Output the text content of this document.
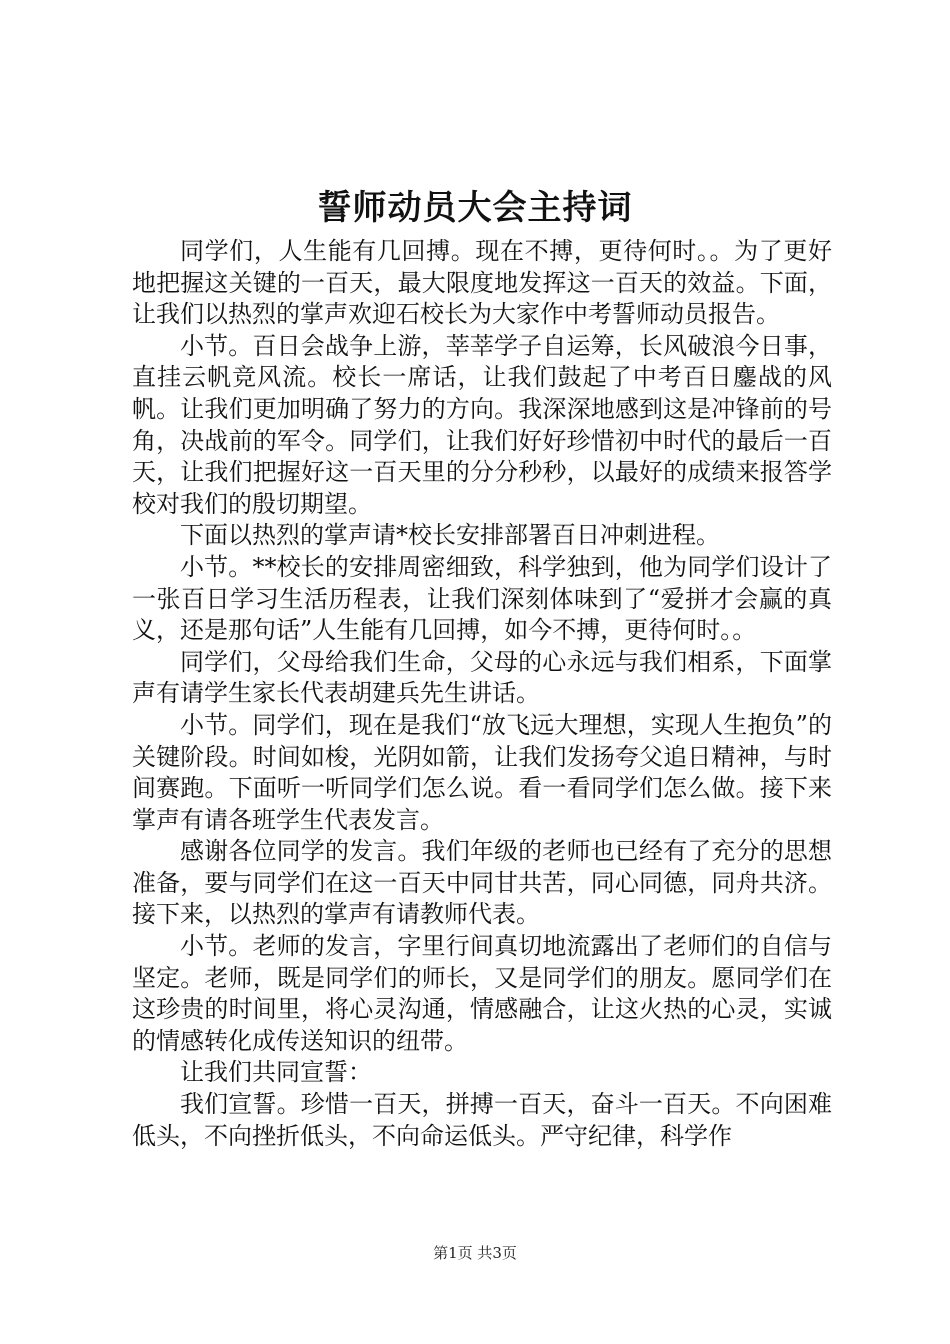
誓师动员大会主持词

同学们，人生能有几回搏。现在不搏，更待何时。。为了更好地把握这关键的一百天，最大限度地发挥这一百天的效益。下面，让我们以热烈的掌声欢迎石校长为大家作中考誓师动员报告。

小节。百日会战争上游，莘莘学子自运筹，长风破浪今日事，直挂云帆竞风流。校长一席话，让我们鼓起了中考百日鏖战的风帆。让我们更加明确了努力的方向。我深深地感到这是冲锋前的号角，决战前的军令。同学们，让我们好好珍惜初中时代的最后一百天，让我们把握好这一百天里的分分秒秒，以最好的成绩来报答学校对我们的殷切期望。

下面以热烈的掌声请*校长安排部署百日冲刺进程。

小节。**校长的安排周密细致，科学独到，他为同学们设计了一张百日学习生活历程表，让我们深刻体味到了“爱拼才会赢的真义，还是那句话”人生能有几回搏，如今不搏，更待何时。。

同学们，父母给我们生命，父母的心永远与我们相系，下面掌声有请学生家长代表胡建兵先生讲话。

小节。同学们，现在是我们“放飞远大理想，实现人生抱负”的关键阶段。时间如梭，光阴如箭，让我们发扬夸父追日精神，与时间赛跑。下面听一听同学们怎么说。看一看同学们怎么做。接下来掌声有请各班学生代表发言。

感谢各位同学的发言。我们年级的老师也已经有了充分的思想准备，要与同学们在这一百天中同甘共苦，同心同德，同舟共济。接下来，以热烈的掌声有请教师代表。

小节。老师的发言，字里行间真切地流露出了老师们的自信与坚定。老师，既是同学们的师长，又是同学们的朋友。愿同学们在这珍贵的时间里，将心灵沟通，情感融合，让这火热的心灵，实诚的情感转化成传送知识的纽带。

让我们共同宣誓：

我们宣誓。珍惜一百天，拼搏一百天，奋斗一百天。不向困难低头，不向挫折低头，不向命运低头。严守纪律，科学作

第1页 共3页
